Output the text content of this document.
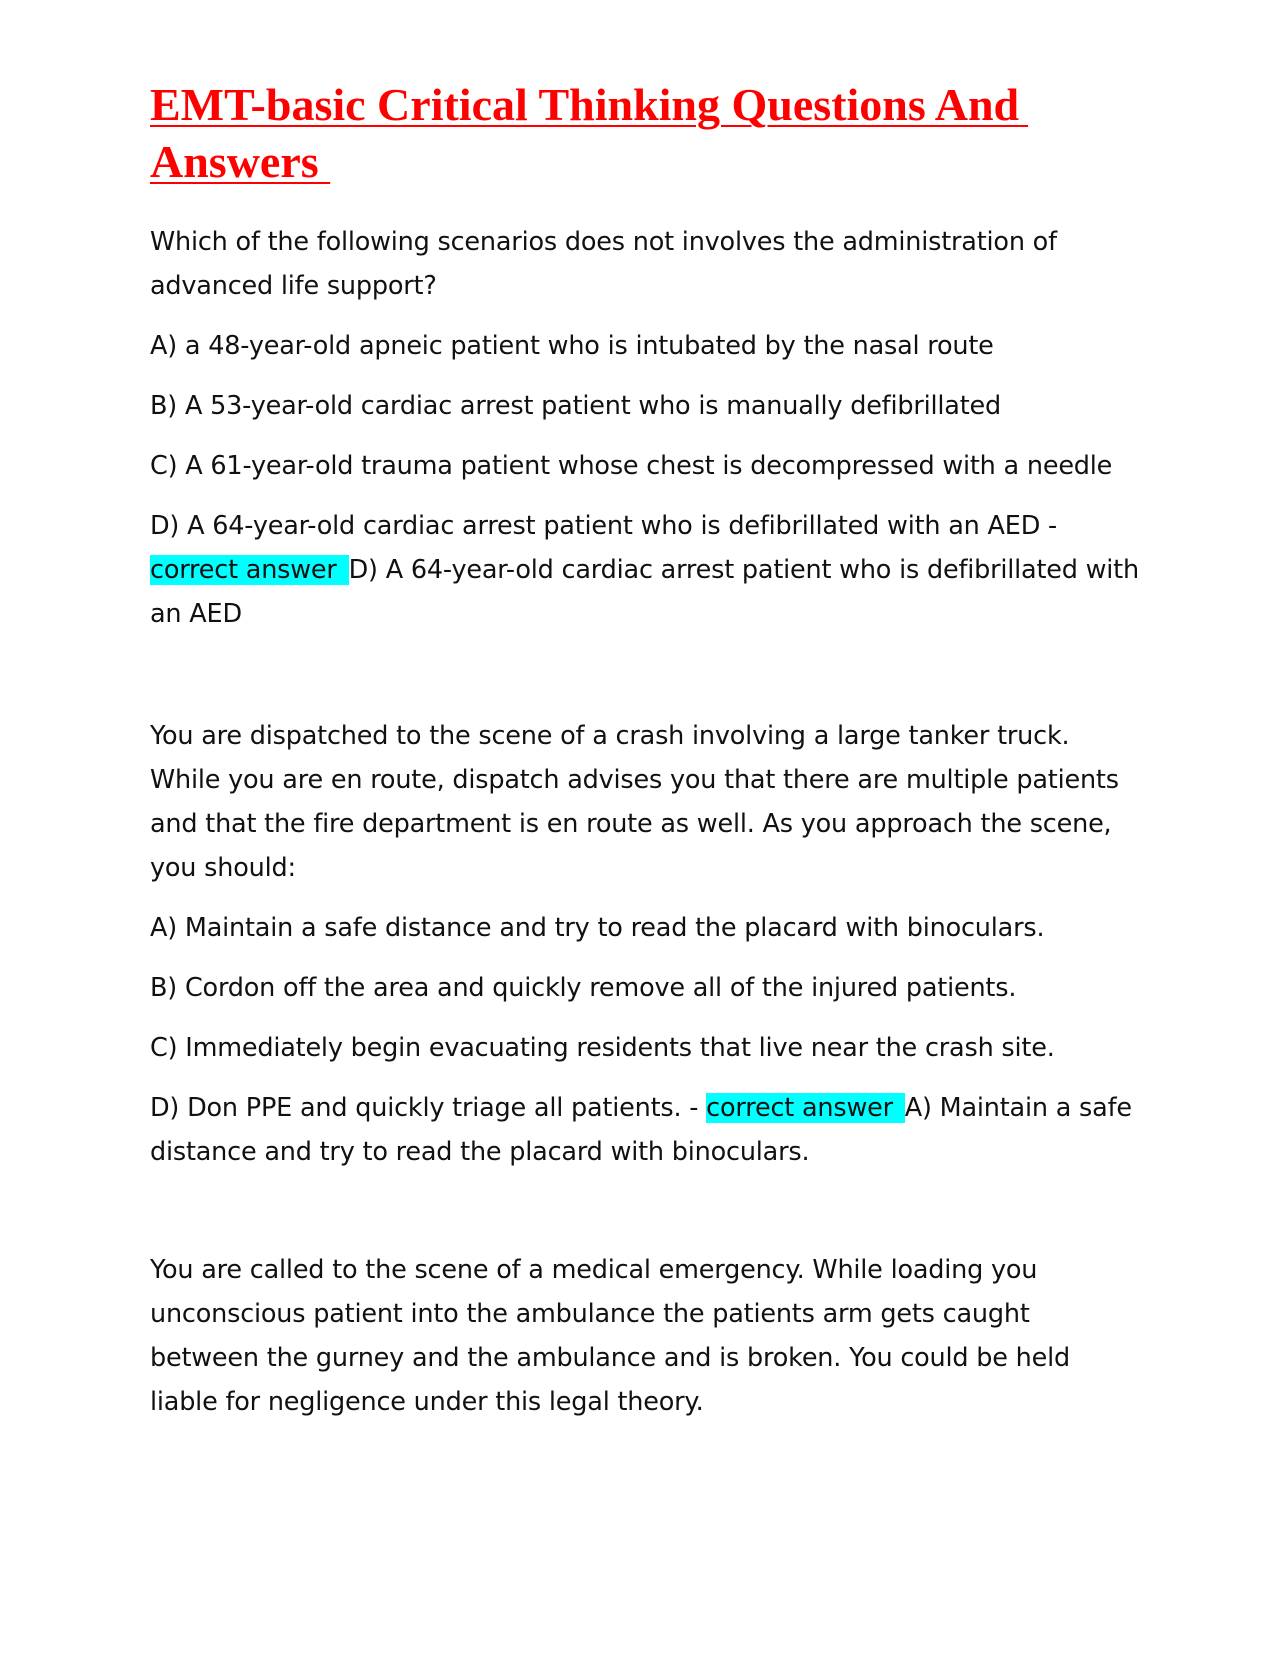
EMT-basic Critical Thinking Questions And Answers

Which of the following scenarios does not involves the administration of advanced life support?

A) a 48-year-old apneic patient who is intubated by the nasal route

B) A 53-year-old cardiac arrest patient who is manually defibrillated

C) A 61-year-old trauma patient whose chest is decompressed with a needle

D) A 64-year-old cardiac arrest patient who is defibrillated with an AED - correct answer D) A 64-year-old cardiac arrest patient who is defibrillated with an AED

You are dispatched to the scene of a crash involving a large tanker truck. While you are en route, dispatch advises you that there are multiple patients and that the fire department is en route as well. As you approach the scene, you should:

A) Maintain a safe distance and try to read the placard with binoculars.

B) Cordon off the area and quickly remove all of the injured patients.

C) Immediately begin evacuating residents that live near the crash site.

D) Don PPE and quickly triage all patients. - correct answer A) Maintain a safe distance and try to read the placard with binoculars.

You are called to the scene of a medical emergency. While loading you unconscious patient into the ambulance the patients arm gets caught between the gurney and the ambulance and is broken. You could be held liable for negligence under this legal theory.
